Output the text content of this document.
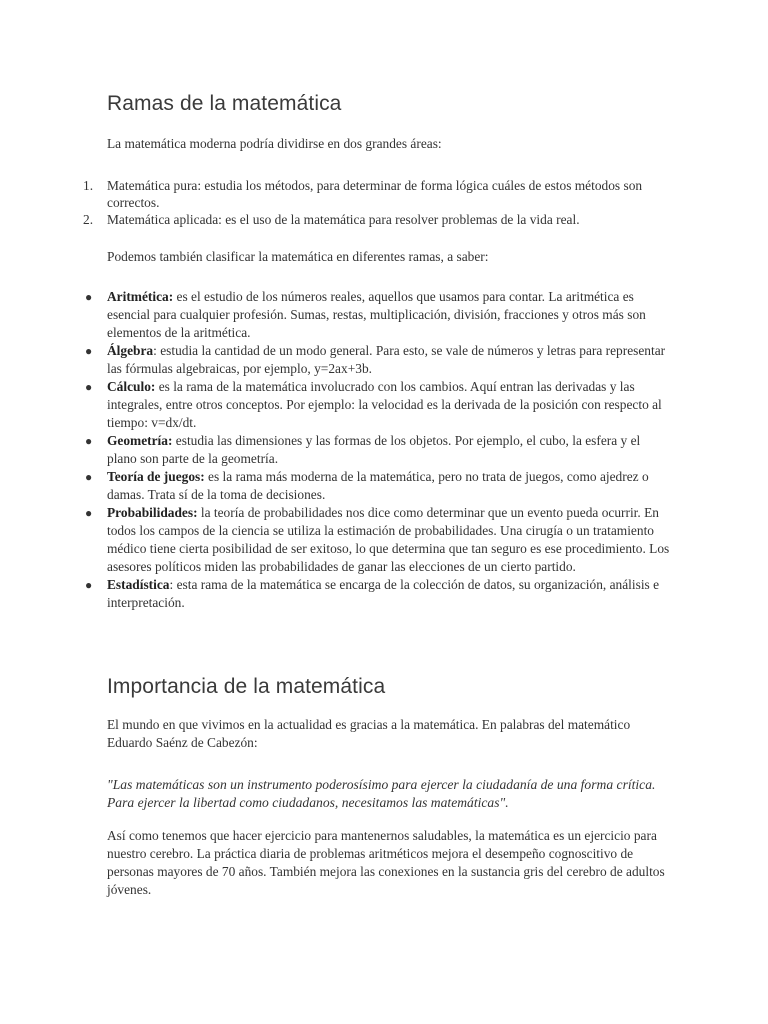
Ramas de la matemática

La matemática moderna podría dividirse en dos grandes áreas:

1. Matemática pura: estudia los métodos, para determinar de forma lógica cuáles de estos métodos son correctos.
2. Matemática aplicada: es el uso de la matemática para resolver problemas de la vida real.

Podemos también clasificar la matemática en diferentes ramas, a saber:

● Aritmética: es el estudio de los números reales, aquellos que usamos para contar. La aritmética es esencial para cualquier profesión. Sumas, restas, multiplicación, división, fracciones y otros más son elementos de la aritmética.
● Álgebra: estudia la cantidad de un modo general. Para esto, se vale de números y letras para representar las fórmulas algebraicas, por ejemplo, y=2ax+3b.
● Cálculo: es la rama de la matemática involucrado con los cambios. Aquí entran las derivadas y las integrales, entre otros conceptos. Por ejemplo: la velocidad es la derivada de la posición con respecto al tiempo: v=dx/dt.
● Geometría: estudia las dimensiones y las formas de los objetos. Por ejemplo, el cubo, la esfera y el plano son parte de la geometría.
● Teoría de juegos: es la rama más moderna de la matemática, pero no trata de juegos, como ajedrez o damas. Trata sí de la toma de decisiones.
● Probabilidades: la teoría de probabilidades nos dice como determinar que un evento pueda ocurrir. En todos los campos de la ciencia se utiliza la estimación de probabilidades. Una cirugía o un tratamiento médico tiene cierta posibilidad de ser exitoso, lo que determina que tan seguro es ese procedimiento. Los asesores políticos miden las probabilidades de ganar las elecciones de un cierto partido.
● Estadística: esta rama de la matemática se encarga de la colección de datos, su organización, análisis e interpretación.
Importancia de la matemática

El mundo en que vivimos en la actualidad es gracias a la matemática. En palabras del matemático Eduardo Saénz de Cabezón:

"Las matemáticas son un instrumento poderosísimo para ejercer la ciudadanía de una forma crítica. Para ejercer la libertad como ciudadanos, necesitamos las matemáticas".

Así como tenemos que hacer ejercicio para mantenernos saludables, la matemática es un ejercicio para nuestro cerebro. La práctica diaria de problemas aritméticos mejora el desempeño cognoscitivo de personas mayores de 70 años. También mejora las conexiones en la sustancia gris del cerebro de adultos jóvenes.
